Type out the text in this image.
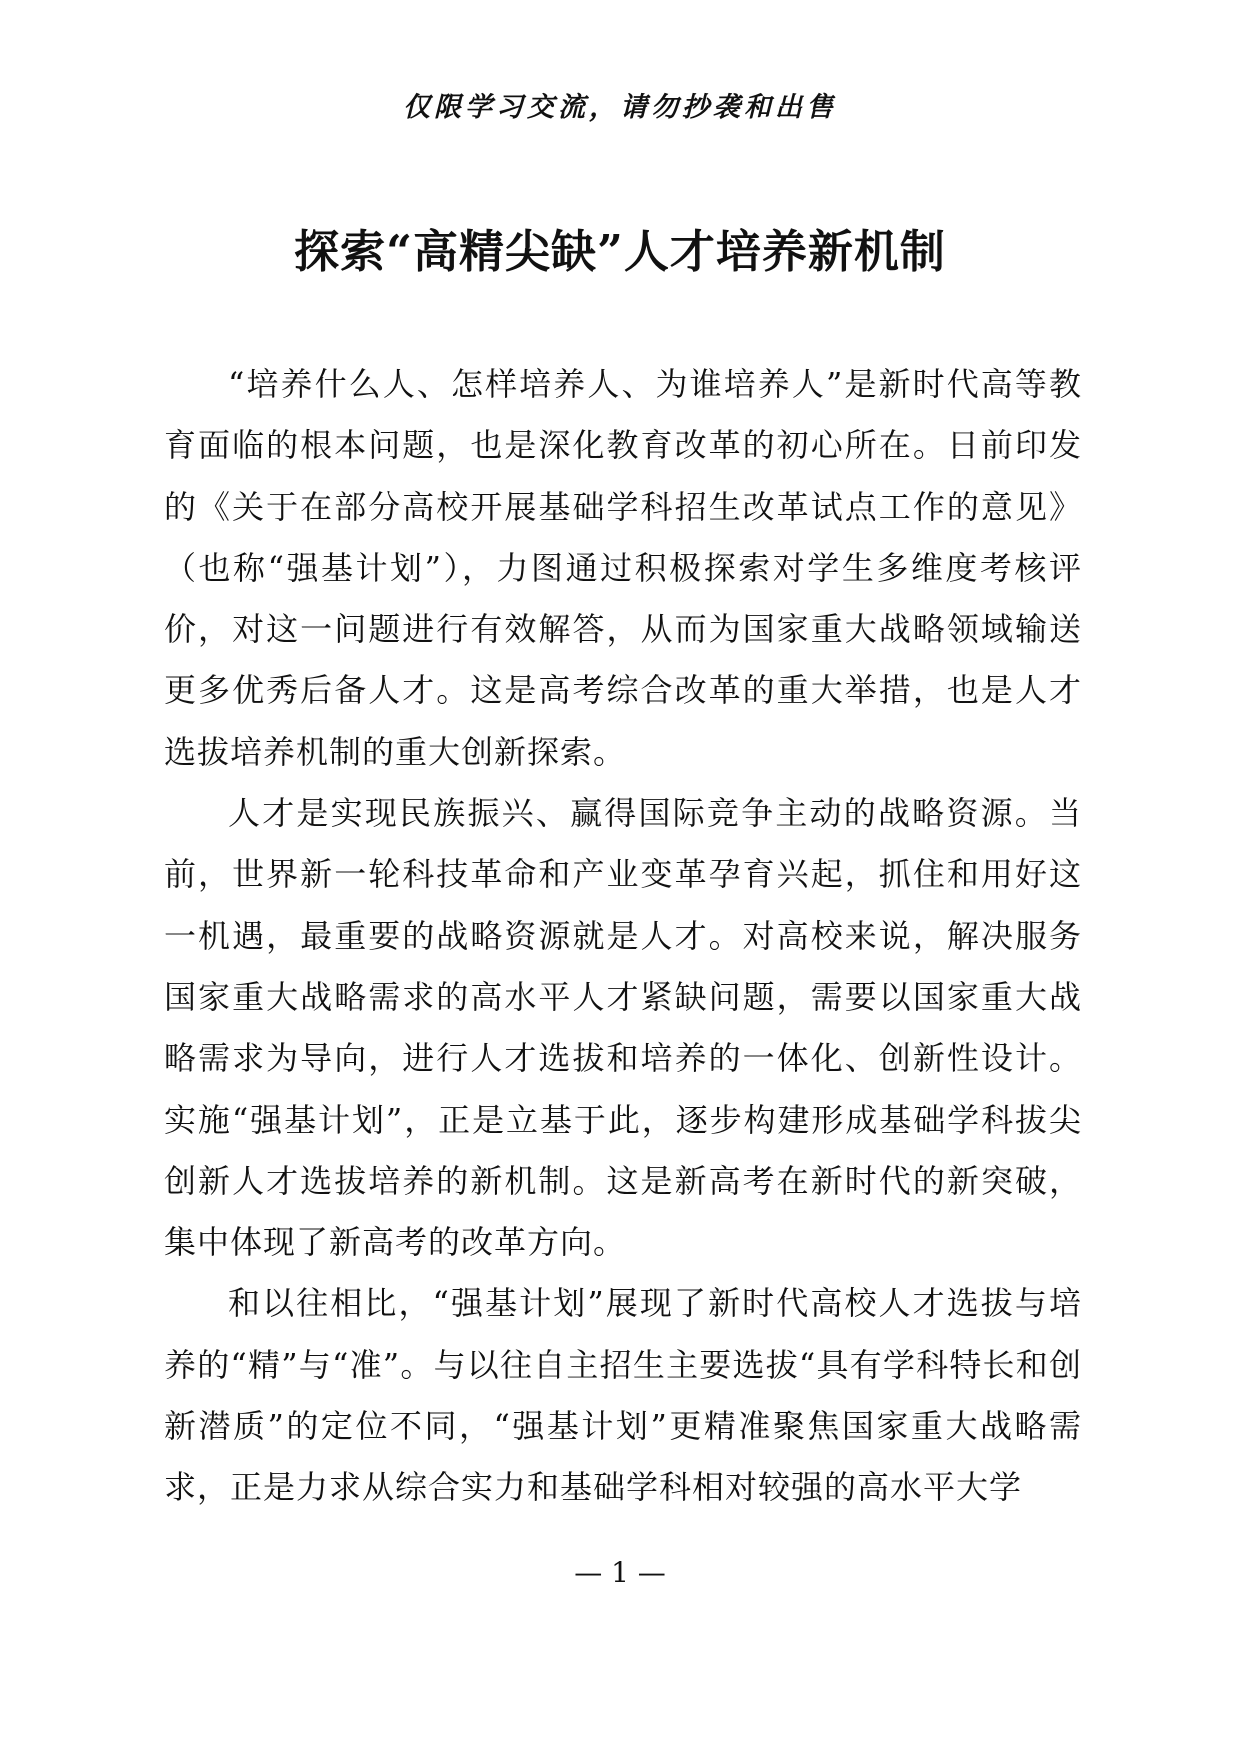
仅限学习交流，请勿抄袭和出售
探索“高精尖缺”人才培养新机制

“培养什么人、怎样培养人、为谁培养人”是新时代高等教育面临的根本问题，也是深化教育改革的初心所在。日前印发的《关于在部分高校开展基础学科招生改革试点工作的意见》（也称“强基计划”），力图通过积极探索对学生多维度考核评价，对这一问题进行有效解答，从而为国家重大战略领域输送更多优秀后备人才。这是高考综合改革的重大举措，也是人才选拔培养机制的重大创新探索。

人才是实现民族振兴、赢得国际竞争主动的战略资源。当前，世界新一轮科技革命和产业变革孕育兴起，抓住和用好这一机遇，最重要的战略资源就是人才。对高校来说，解决服务国家重大战略需求的高水平人才紧缺问题，需要以国家重大战略需求为导向，进行人才选拔和培养的一体化、创新性设计。实施“强基计划”，正是立基于此，逐步构建形成基础学科拔尖创新人才选拔培养的新机制。这是新高考在新时代的新突破，集中体现了新高考的改革方向。

和以往相比，“强基计划”展现了新时代高校人才选拔与培养的“精”与“准”。与以往自主招生主要选拔“具有学科特长和创新潜质”的定位不同，“强基计划”更精准聚焦国家重大战略需求，正是力求从综合实力和基础学科相对较强的高水平大学

— 1 —
